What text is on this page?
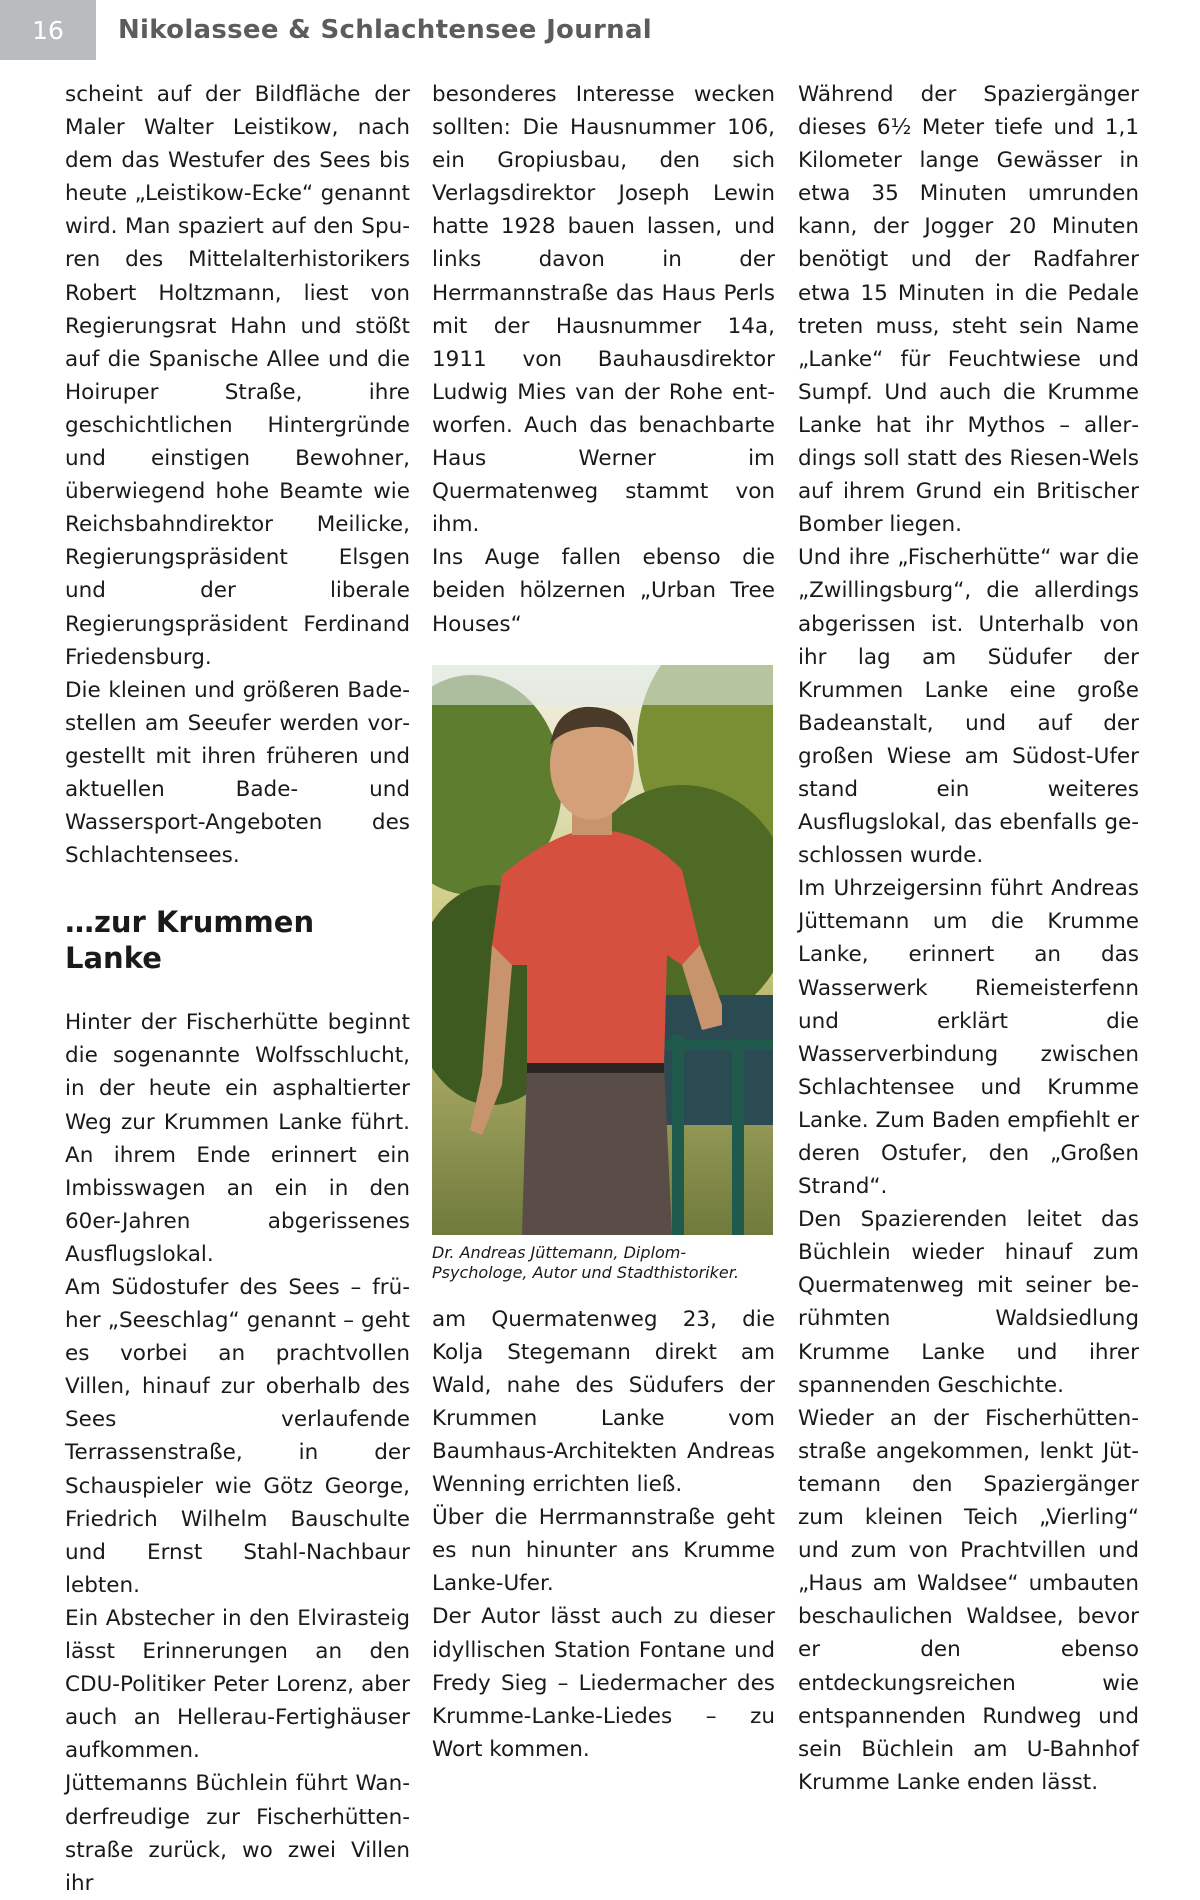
16	Nikolassee & Schlachtensee Journal

scheint auf der Bildfläche der Maler Walter Leistikow, nach dem das Westufer des Sees bis heute „Leistikow-Ecke“ genannt wird. Man spaziert auf den Spuren des Mittelalterhistorikers Robert Holtzmann, liest von Regierungsrat Hahn und stößt auf die Spanische Allee und die Hoiruper Straße, ihre geschichtlichen Hintergründe und einstigen Bewohner, überwiegend hohe Beamte wie Reichsbahndirektor Meilicke, Regierungspräsident Elsgen und der liberale Regierungspräsident Ferdinand Friedensburg.

Die kleinen und größeren Badestellen am Seeufer werden vorgestellt mit ihren früheren und aktuellen Bade- und Wassersport-Angeboten des Schlachtensees.

…zur Krummen Lanke

Hinter der Fischerhütte beginnt die sogenannte Wolfsschlucht, in der heute ein asphaltierter Weg zur Krummen Lanke führt. An ihrem Ende erinnert ein Imbisswagen an ein in den 60er-Jahren abgerissenes Ausflugslokal.

Am Südostufer des Sees – früher „Seeschlag“ genannt – geht es vorbei an prachtvollen Villen, hinauf zur oberhalb des Sees verlaufende Terrassenstraße, in der Schauspieler wie Götz George, Friedrich Wilhelm Bauschulte und Ernst Stahl-Nachbaur lebten.

Ein Abstecher in den Elvirasteig lässt Erinnerungen an den CDU-Politiker Peter Lorenz, aber auch an Hellerau-Fertighäuser aufkommen.

Jüttemanns Büchlein führt Wanderfreudige zur Fischerhüttenstraße zurück, wo zwei Villen ihr

besonderes Interesse wecken sollten: Die Hausnummer 106, ein Gropiusbau, den sich Verlagsdirektor Joseph Lewin hatte 1928 bauen lassen, und links davon in der Herrmannstraße das Haus Perls mit der Hausnummer 14a, 1911 von Bauhausdirektor Ludwig Mies van der Rohe entworfen. Auch das benachbarte Haus Werner im Quermatenweg stammt von ihm.

Ins Auge fallen ebenso die beiden hölzernen „Urban Tree Houses“

Dr. Andreas Jüttemann, Diplom-Psychologe, Autor und Stadthistoriker.

am Quermatenweg 23, die Kolja Stegemann direkt am Wald, nahe des Südufers der Krummen Lanke vom Baumhaus-Architekten Andreas Wenning errichten ließ.

Über die Herrmannstraße geht es nun hinunter ans Krumme Lanke-Ufer.

Der Autor lässt auch zu dieser idyllischen Station Fontane und Fredy Sieg – Liedermacher des Krumme-Lanke-Liedes – zu Wort kommen.

Während der Spaziergänger dieses 6½ Meter tiefe und 1,1 Kilometer lange Gewässer in etwa 35 Minuten umrunden kann, der Jogger 20 Minuten benötigt und der Radfahrer etwa 15 Minuten in die Pedale treten muss, steht sein Name „Lanke“ für Feuchtwiese und Sumpf. Und auch die Krumme Lanke hat ihr Mythos – allerdings soll statt des Riesen-Wels auf ihrem Grund ein Britischer Bomber liegen.

Und ihre „Fischerhütte“ war die „Zwillingsburg“, die allerdings abgerissen ist. Unterhalb von ihr lag am Südufer der Krummen Lanke eine große Badeanstalt, und auf der großen Wiese am Südost-Ufer stand ein weiteres Ausflugslokal, das ebenfalls geschlossen wurde.

Im Uhrzeigersinn führt Andreas Jüttemann um die Krumme Lanke, erinnert an das Wasserwerk Riemeisterfenn und erklärt die Wasserverbindung zwischen Schlachtensee und Krumme Lanke. Zum Baden empfiehlt er deren Ostufer, den „Großen Strand“.

Den Spazierenden leitet das Büchlein wieder hinauf zum Quermatenweg mit seiner berühmten Waldsiedlung Krumme Lanke und ihrer spannenden Geschichte.

Wieder an der Fischerhüttenstraße angekommen, lenkt Jüttemann den Spaziergänger zum kleinen Teich „Vierling“ und zum von Prachtvillen und „Haus am Waldsee“ umbauten beschaulichen Waldsee, bevor er den ebenso entdeckungsreichen wie entspannenden Rundweg und sein Büchlein am U-Bahnhof Krumme Lanke enden lässt.
